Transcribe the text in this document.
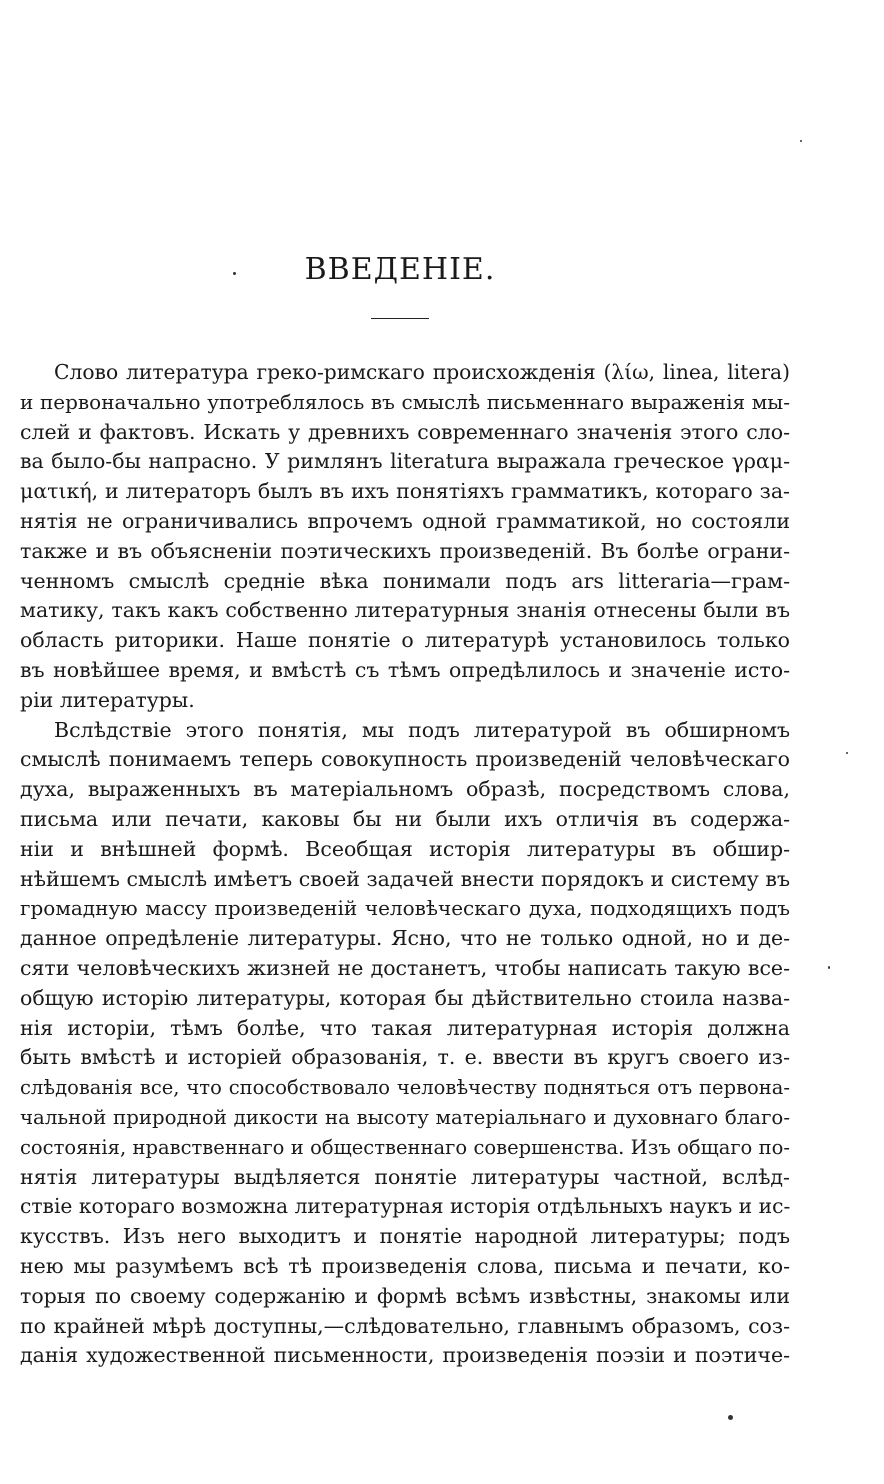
ВВЕДЕНІЕ.
Слово литература греко-римскаго происхожденія (λίω, linea, litera)
и первоначально употреблялось въ смыслѣ письменнаго выраженія мы-
слей и фактовъ. Искать у древнихъ современнаго значенія этого сло-
ва было-бы напрасно. У римлянъ literatura выражала греческое γραμ-
ματική, и литераторъ былъ въ ихъ понятіяхъ грамматикъ, котораго за-
нятія не ограничивались впрочемъ одной грамматикой, но состояли
также и въ объясненіи поэтическихъ произведеній. Въ болѣе ограни-
ченномъ смыслѣ средніе вѣка понимали подъ ars litteraria—грам-
матику, такъ какъ собственно литературныя знанія отнесены были въ
область риторики. Наше понятіе о литературѣ установилось только
въ новѣйшее время, и вмѣстѣ съ тѣмъ опредѣлилось и значеніе исто-
ріи литературы.
Вслѣдствіе этого понятія, мы подъ литературой въ обширномъ
смыслѣ понимаемъ теперь совокупность произведеній человѣческаго
духа, выраженныхъ въ матеріальномъ образѣ, посредствомъ слова,
письма или печати, каковы бы ни были ихъ отличія въ содержа-
ніи и внѣшней формѣ. Всеобщая исторія литературы въ обшир-
нѣйшемъ смыслѣ имѣетъ своей задачей внести порядокъ и систему въ
громадную массу произведеній человѣческаго духа, подходящихъ подъ
данное опредѣленіе литературы. Ясно, что не только одной, но и де-
сяти человѣческихъ жизней не достанетъ, чтобы написать такую все-
общую исторію литературы, которая бы дѣйствительно стоила назва-
нія исторіи, тѣмъ болѣе, что такая литературная исторія должна
быть вмѣстѣ и исторіей образованія, т. е. ввести въ кругъ своего из-
слѣдованія все, что способствовало человѣчеству подняться отъ первона-
чальной природной дикости на высоту матеріальнаго и духовнаго благо-
состоянія, нравственнаго и общественнаго совершенства. Изъ общаго по-
нятія литературы выдѣляется понятіе литературы частной, вслѣд-
ствіе котораго возможна литературная исторія отдѣльныхъ наукъ и ис-
кусствъ. Изъ него выходитъ и понятіе народной литературы; подъ
нею мы разумѣемъ всѣ тѣ произведенія слова, письма и печати, ко-
торыя по своему содержанію и формѣ всѣмъ извѣстны, знакомы или
по крайней мѣрѣ доступны,—слѣдовательно, главнымъ образомъ, соз-
данія художественной письменности, произведенія поэзіи и поэтиче-
